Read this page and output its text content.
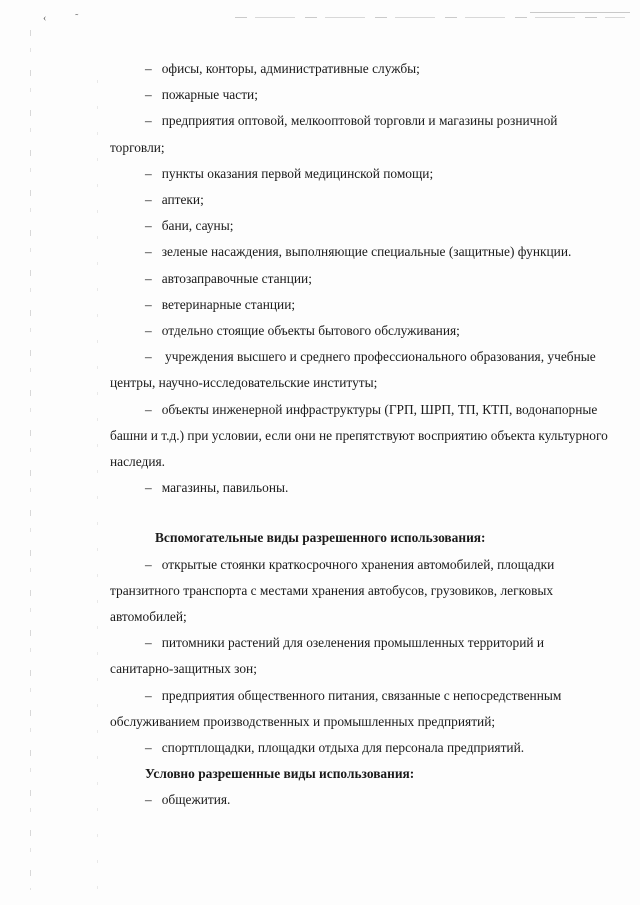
‹	˜

– офисы, конторы, административные службы;

– пожарные части;

– предприятия оптовой, мелкооптовой торговли и магазины розничной торговли;

– пункты оказания первой медицинской помощи;

– аптеки;

– бани, сауны;

– зеленые насаждения, выполняющие специальные (защитные) функции.

– автозаправочные станции;

– ветеринарные станции;

– отдельно стоящие объекты бытового обслуживания;

– учреждения высшего и среднего профессионального образования, учебные центры, научно-исследовательские институты;

– объекты инженерной инфраструктуры (ГРП, ШРП, ТП, КТП, водонапорные башни и т.д.) при условии, если они не препятствуют восприятию объекта культурного наследия.

– магазины, павильоны.

Вспомогательные виды разрешенного использования:

– открытые стоянки краткосрочного хранения автомобилей, площадки транзитного транспорта с местами хранения автобусов, грузовиков, легковых автомобилей;

– питомники растений для озеленения промышленных территорий и санитарно-защитных зон;

– предприятия общественного питания, связанные с непосредственным обслуживанием производственных и промышленных предприятий;

– спортплощадки, площадки отдыха для персонала предприятий.

Условно разрешенные виды использования:

– общежития.
